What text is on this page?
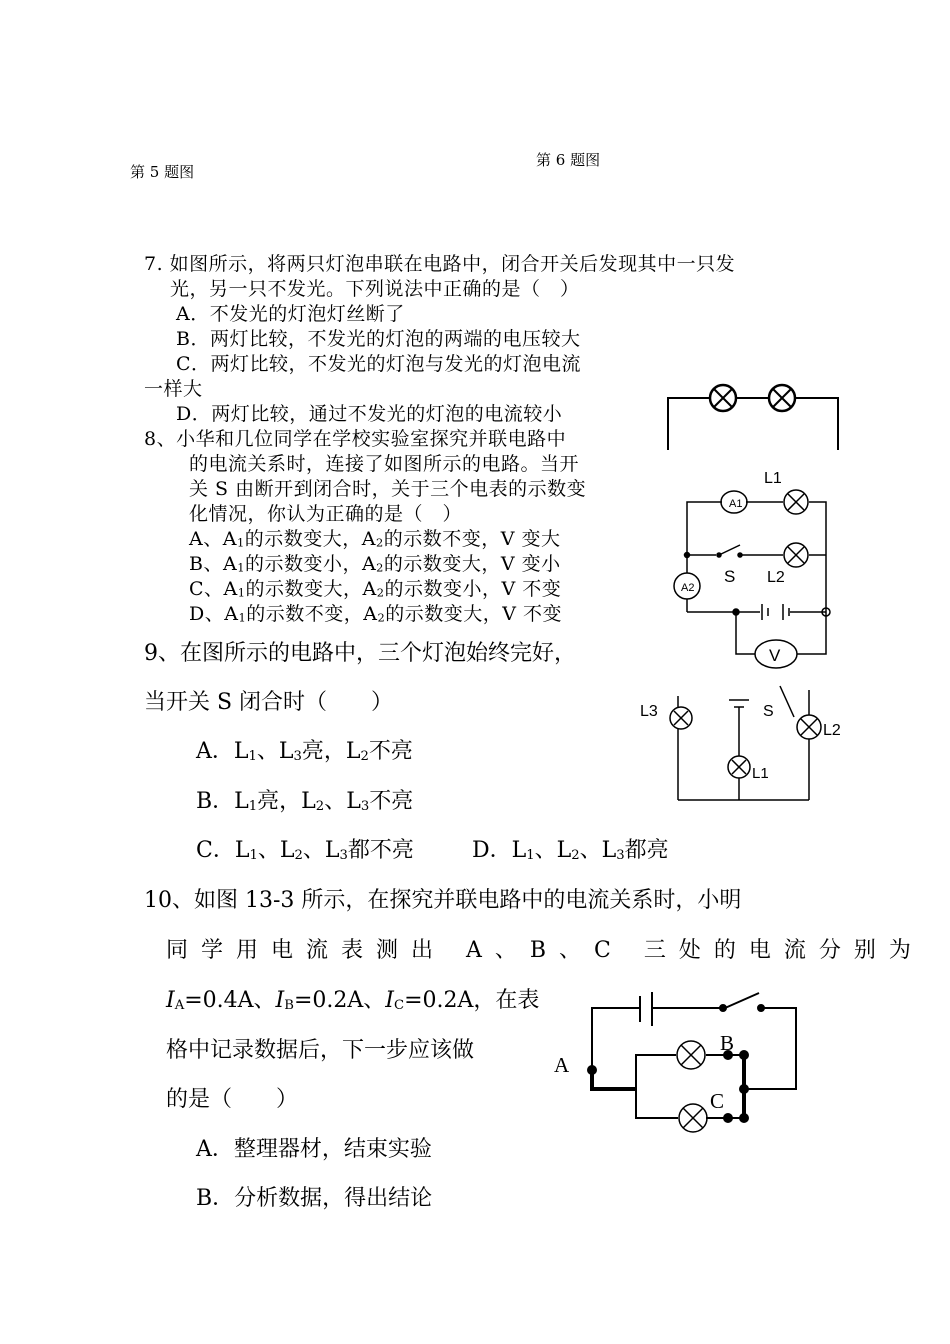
第 5 题图
第 6 题图
7. 如图所示，将两只灯泡串联在电路中，闭合开关后发现其中一只发
光，另一只不发光。下列说法中正确的是（　）
A．不发光的灯泡灯丝断了
B．两灯比较，不发光的灯泡的两端的电压较大
C．两灯比较，不发光的灯泡与发光的灯泡电流
一样大
D．两灯比较，通过不发光的灯泡的电流较小
8、小华和几位同学在学校实验室探究并联电路中
的电流关系时，连接了如图所示的电路。当开
关 S 由断开到闭合时，关于三个电表的示数变
化情况，你认为正确的是（　）
A、$A_1$的示数变大，$A_2$的示数不变，V 变大
B、$A_1$的示数变小，$A_2$的示数变大，V 变小
C、$A_1$的示数变大，$A_2$的示数变小，V 不变
D、$A_1$的示数不变，$A_2$的示数变大，V 不变
9、在图所示的电路中，三个灯泡始终完好，
当开关 S 闭合时（　　）
A．$L_1$、$L_3$亮，$L_2$不亮
B．$L_1$亮，$L_2$、$L_3$不亮
C．$L_1$、$L_2$、$L_3$都不亮	D．$L_1$、$L_2$、$L_3$都亮
10、如图 13-3 所示，在探究并联电路中的电流关系时，小明
同学用电流表测出 A、B、C 三处的电流分别为
$I_A=0.4A$、$I_B=0.2A$、$I_C=0.2A$，在表
格中记录数据后，下一步应该做
的是（　　）
A．整理器材，结束实验
B．分析数据，得出结论
A1
L1
S L2
A2
V
L3
L1
S
L2
A
B
C
